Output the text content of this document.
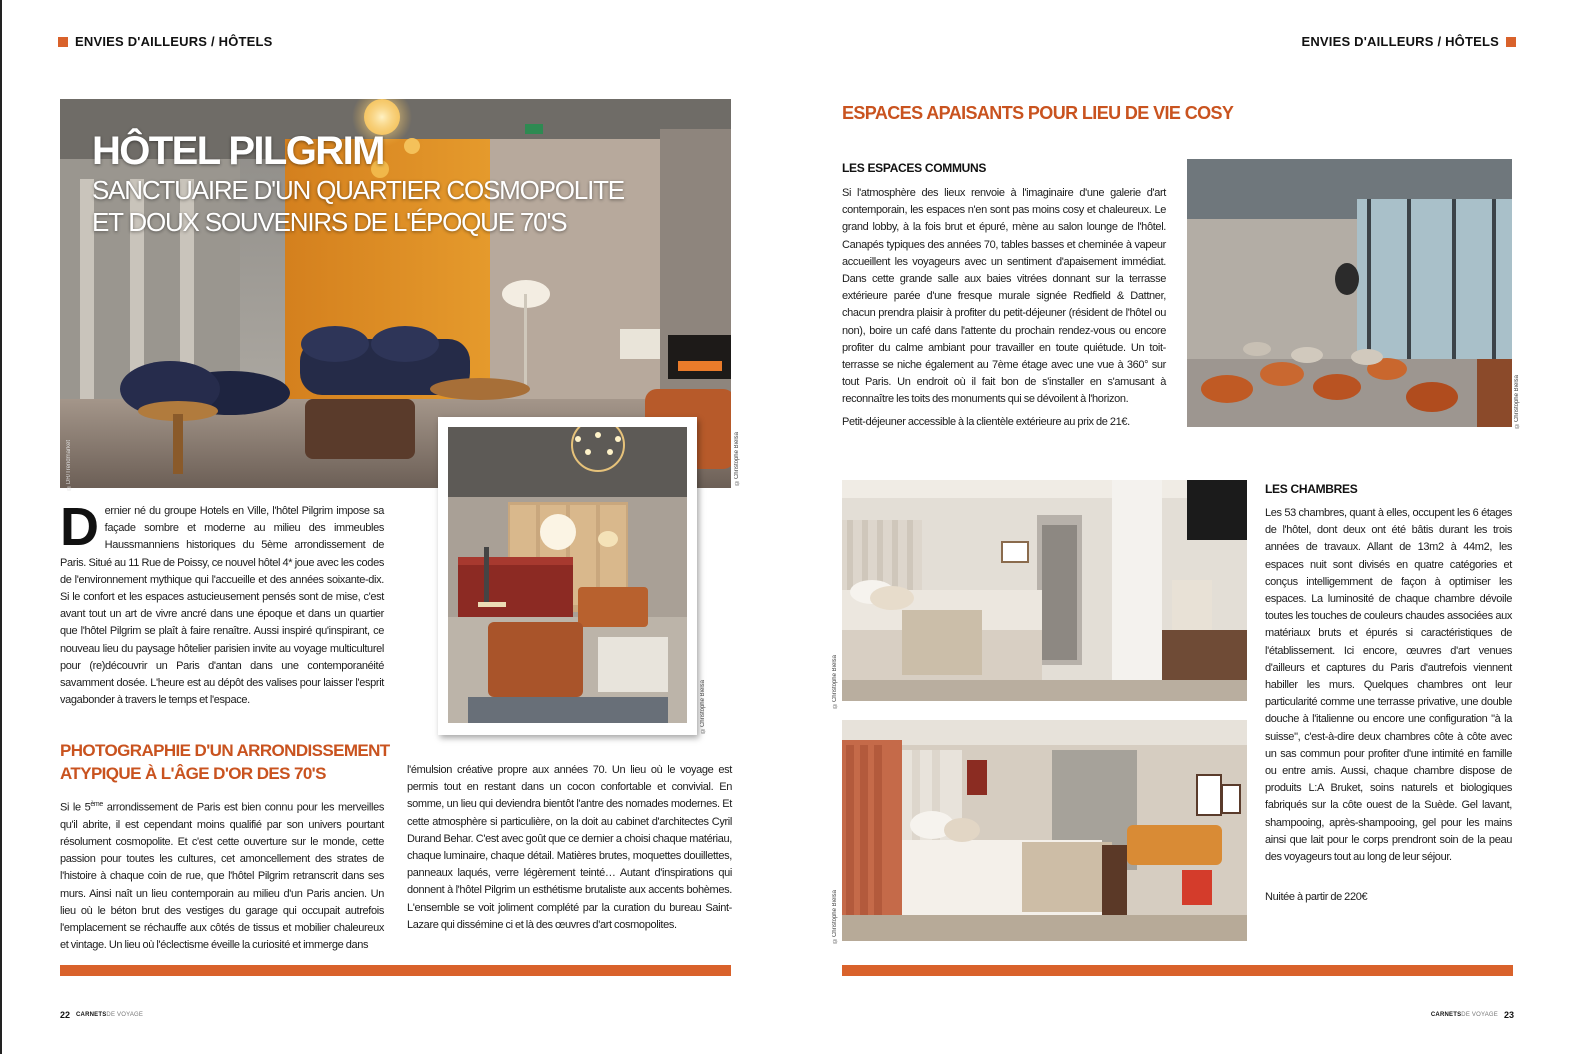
ENVIES D'AILLEURS / HÔTELS
HÔTEL PILGRIM
SANCTUAIRE D'UN QUARTIER COSMOPOLITE
ET DOUX SOUVENIRS DE L'ÉPOQUE 70'S
©DR/Trendmarket	©Christophe Bielsa
©Christophe Bielsa
Dernier né du groupe Hotels en Ville, l'hôtel Pilgrim impose sa façade sombre et moderne au milieu des immeubles Haussmanniens historiques du 5ème arrondissement de Paris. Situé au 11 Rue de Poissy, ce nouvel hôtel 4* joue avec les codes de l'environnement mythique qui l'accueille et des années soixante-dix. Si le confort et les espaces astucieusement pensés sont de mise, c'est avant tout un art de vivre ancré dans une époque et dans un quartier que l'hôtel Pilgrim se plaît à faire renaître. Aussi inspiré qu'inspirant, ce nouveau lieu du paysage hôtelier parisien invite au voyage multiculturel pour (re)découvrir un Paris d'antan dans une contemporanéité savamment dosée. L'heure est au dépôt des valises pour laisser l'esprit vagabonder à travers le temps et l'espace.
PHOTOGRAPHIE D'UN ARRONDISSEMENT
ATYPIQUE À L'ÂGE D'OR DES 70'S
Si le 5ème arrondissement de Paris est bien connu pour les merveilles qu'il abrite, il est cependant moins qualifié par son univers pourtant résolument cosmopolite. Et c'est cette ouverture sur le monde, cette passion pour toutes les cultures, cet amoncellement des strates de l'histoire à chaque coin de rue, que l'hôtel Pilgrim retranscrit dans ses murs. Ainsi naît un lieu contemporain au milieu d'un Paris ancien. Un lieu où le béton brut des vestiges du garage qui occupait autrefois l'emplacement se réchauffe aux côtés de tissus et mobilier chaleureux et vintage. Un lieu où l'éclectisme éveille la curiosité et immerge dans
l'émulsion créative propre aux années 70. Un lieu où le voyage est permis tout en restant dans un cocon confortable et convivial. En somme, un lieu qui deviendra bientôt l'antre des nomades modernes. Et cette atmosphère si particulière, on la doit au cabinet d'architectes Cyril Durand Behar. C'est avec goût que ce dernier a choisi chaque matériau, chaque luminaire, chaque détail. Matières brutes, moquettes douillettes, panneaux laqués, verre légèrement teinté… Autant d'inspirations qui donnent à l'hôtel Pilgrim un esthétisme brutaliste aux accents bohèmes. L'ensemble se voit joliment complété par la curation du bureau Saint-Lazare qui dissémine ci et là des œuvres d'art cosmopolites.
22 CARNETSDE VOYAGE
ENVIES D'AILLEURS / HÔTELS
ESPACES APAISANTS POUR LIEU DE VIE COSY
LES ESPACES COMMUNS
Si l'atmosphère des lieux renvoie à l'imaginaire d'une galerie d'art contemporain, les espaces n'en sont pas moins cosy et chaleureux. Le grand lobby, à la fois brut et épuré, mène au salon lounge de l'hôtel. Canapés typiques des années 70, tables basses et cheminée à vapeur accueillent les voyageurs avec un sentiment d'apaisement immédiat. Dans cette grande salle aux baies vitrées donnant sur la terrasse extérieure parée d'une fresque murale signée Redfield & Dattner, chacun prendra plaisir à profiter du petit-déjeuner (résident de l'hôtel ou non), boire un café dans l'attente du prochain rendez-vous ou encore profiter du calme ambiant pour travailler en toute quiétude. Un toit-terrasse se niche également au 7ème étage avec une vue à 360° sur tout Paris. Un endroit où il fait bon de s'installer en s'amusant à reconnaître les toits des monuments qui se dévoilent à l'horizon.
Petit-déjeuner accessible à la clientèle extérieure au prix de 21€.	©Christophe Bielsa
©Christophe Bielsa
©Christophe Bielsa
LES CHAMBRES
Les 53 chambres, quant à elles, occupent les 6 étages de l'hôtel, dont deux ont été bâtis durant les trois années de travaux. Allant de 13m2 à 44m2, les espaces nuit sont divisés en quatre catégories et conçus intelligemment de façon à optimiser les espaces. La luminosité de chaque chambre dévoile toutes les touches de couleurs chaudes associées aux matériaux bruts et épurés si caractéristiques de l'établissement. Ici encore, œuvres d'art venues d'ailleurs et captures du Paris d'autrefois viennent habiller les murs. Quelques chambres ont leur particularité comme une terrasse privative, une double douche à l'italienne ou encore une configuration "à la suisse", c'est-à-dire deux chambres côte à côte avec un sas commun pour profiter d'une intimité en famille ou entre amis. Aussi, chaque chambre dispose de produits L:A Bruket, soins naturels et biologiques fabriqués sur la côte ouest de la Suède. Gel lavant, shampooing, après-shampooing, gel pour les mains ainsi que lait pour le corps prendront soin de la peau des voyageurs tout au long de leur séjour.
Nuitée à partir de 220€
CARNETSDE VOYAGE 23
